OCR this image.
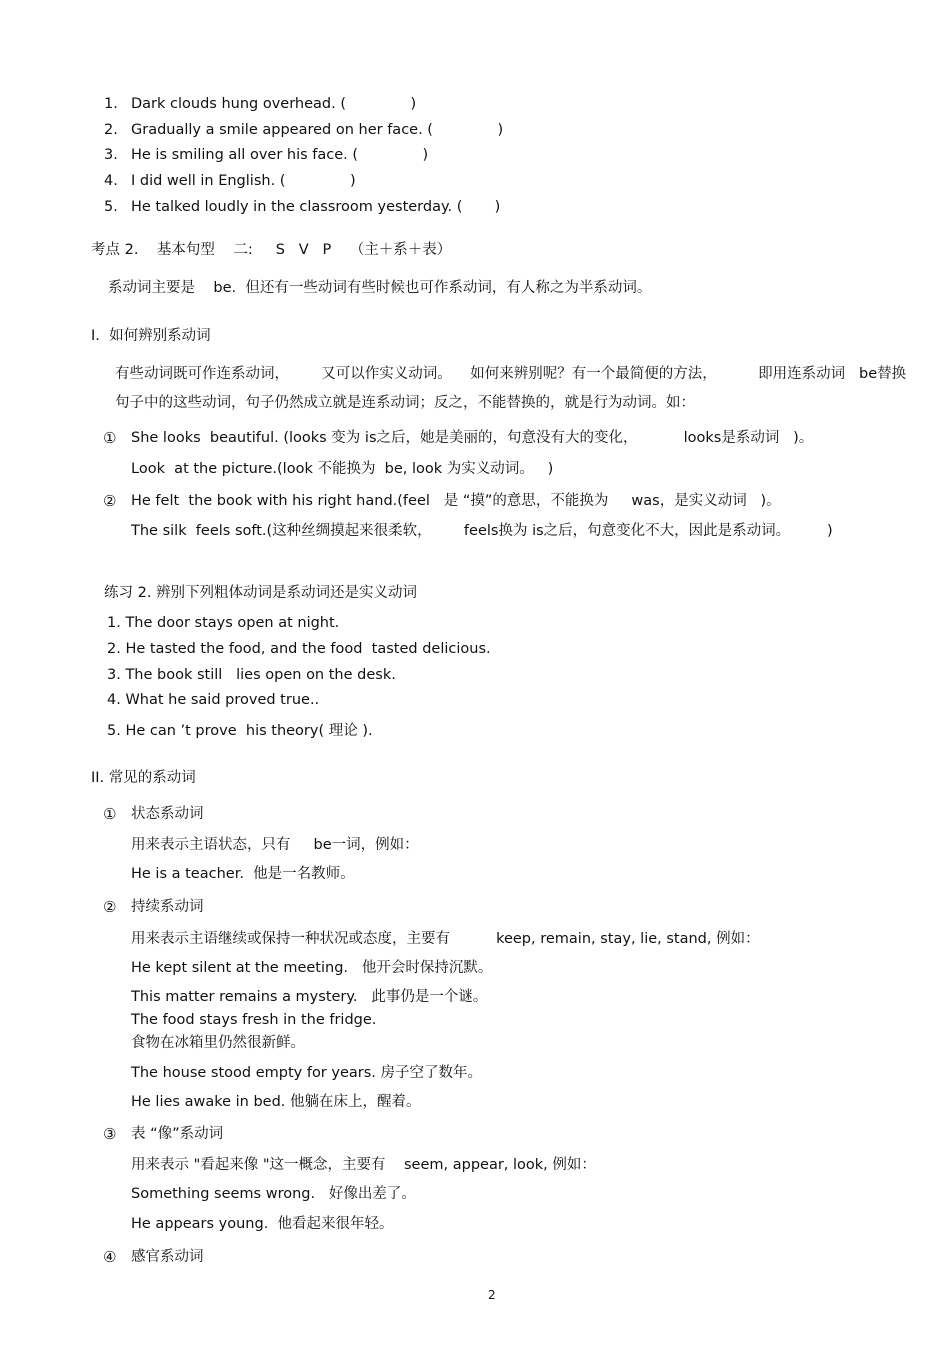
1. Dark clouds hung overhead. (              )
2. Gradually a smile appeared on her face. (              )
3. He is smiling all over his face. (              )
4. I did well in English. (              )
5. He talked loudly in the classroom yesterday. (       )
考点 2.    基本句型    二:     S   V   P    （主＋系＋表）
系动词主要是    be.  但还有一些动词有些时候也可作系动词，有人称之为半系动词。
I.  如何辨别系动词
有些动词既可作连系动词，       又可以作实义动词。    如何来辨别呢？有一个最简便的方法，         即用连系动词   be替换
句子中的这些动词，句子仍然成立就是连系动词；反之，不能替换的，就是行为动词。如：
① She looks  beautiful. (looks 变为 is之后，她是美丽的，句意没有大的变化，          looks是系动词   )。
Look  at the picture.(look 不能换为  be, look 为实义动词。   )
② He felt  the book with his right hand.(feel   是 “摸”的意思，不能换为     was，是实义动词   )。
The silk  feels soft.(这种丝绸摸起来很柔软，       feels换为 is之后，句意变化不大，因此是系动词。        )
练习 2. 辨别下列粗体动词是系动词还是实义动词
1. The door stays open at night.
2. He tasted the food, and the food  tasted delicious.
3. The book still   lies open on the desk.
4. What he said proved true..
5. He can ’t prove  his theory( 理论 ).
II. 常见的系动词
① 状态系动词
用来表示主语状态，只有     be一词，例如：
He is a teacher.  他是一名教师。
② 持续系动词
用来表示主语继续或保持一种状况或态度，主要有          keep, remain, stay, lie, stand, 例如：
He kept silent at the meeting.   他开会时保持沉默。
This matter remains a mystery.   此事仍是一个谜。
The food stays fresh in the fridge.
食物在冰箱里仍然很新鲜。
The house stood empty for years. 房子空了数年。
He lies awake in bed. 他躺在床上，醒着。
③ 表 “像”系动词
用来表示 "看起来像 "这一概念，主要有    seem, appear, look, 例如：
Something seems wrong.   好像出差了。
He appears young.  他看起来很年轻。
④ 感官系动词
2
